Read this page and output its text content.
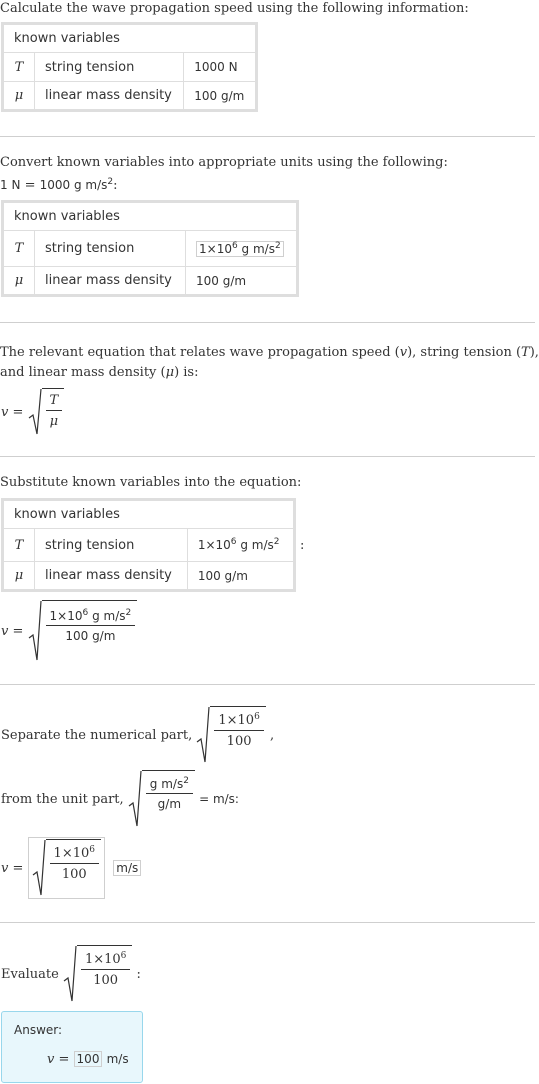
Calculate the wave propagation speed using the following information:
known variables		
T	string tension	1000 N
μ	linear mass density	100 g/m
Convert known variables into appropriate units using the following:
1 N = 1000 g $m/s^2$:
known variables		
T	string tension	$1\times 10^6$ g $m/s^2$
μ	linear mass density	100 g/m
The relevant equation that relates wave propagation speed (v), string tension (T),
and linear mass density (μ) is:
v
=
$\frac{T}{\mu}$
Substitute known variables into the equation:
known variables		
T	string tension	$1\times 10^6$ g $m/s^2$
μ	linear mass density	100 g/m
:
v
=
$\frac{1\times 10^6 g m/s^2}{100 g/m}$
Separate the numerical part,
$\frac{1\times 10^6}{100}$
,
from the unit part,
$\frac{g m/s^2}{g/m}$
= m/s:
v
=
$\frac{1\times 10^6}{100}$
m/s
Evaluate
$\frac{1\times 10^6}{100}$
:
Answer:
v = 100 m/s
